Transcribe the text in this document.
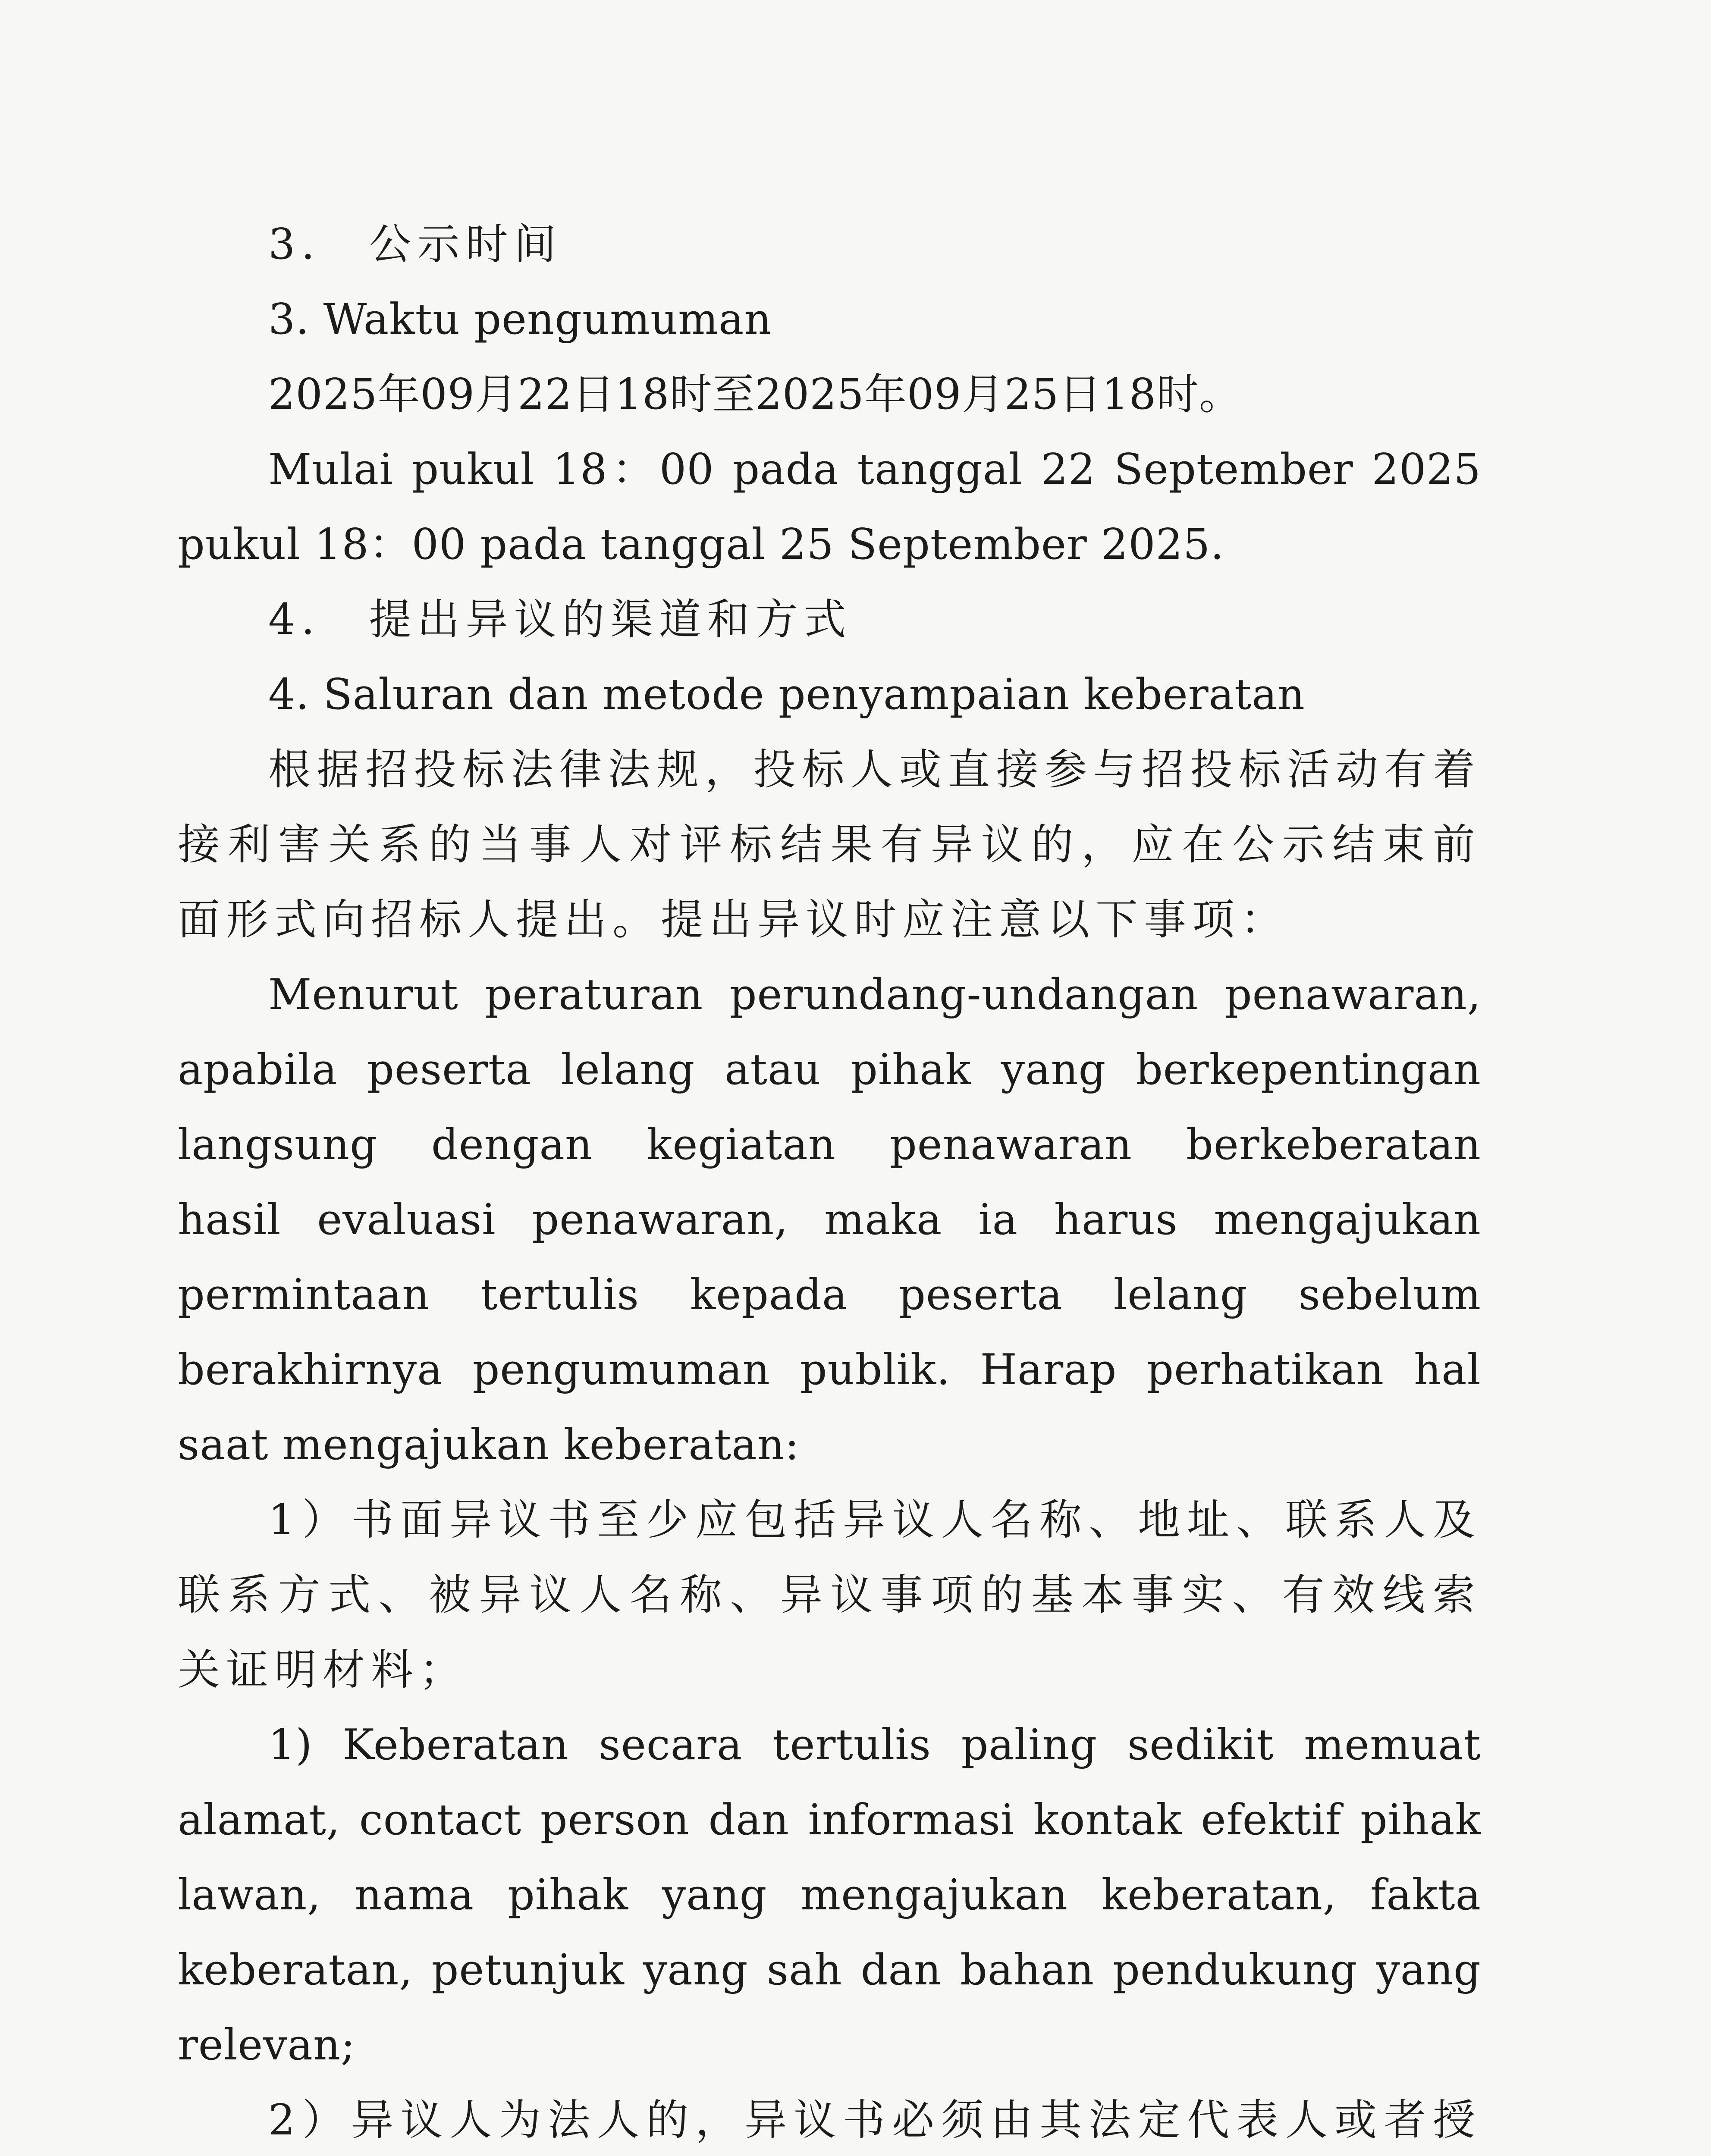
3.　公示时间
3. Waktu pengumuman
2025年09月22日18时至2025年09月25日18时。
Mulai pukul 18：00 pada tanggal 22 September 2025
pukul 18：00 pada tanggal 25 September 2025.
4.　提出异议的渠道和方式
4. Saluran dan metode penyampaian keberatan
根据招投标法律法规，投标人或直接参与招投标活动有着
接利害关系的当事人对评标结果有异议的，应在公示结束前
面形式向招标人提出。提出异议时应注意以下事项：
Menurut peraturan perundang-undangan penawaran,
apabila peserta lelang atau pihak yang berkepentingan
langsung dengan kegiatan penawaran berkeberatan
hasil evaluasi penawaran, maka ia harus mengajukan
permintaan tertulis kepada peserta lelang sebelum
berakhirnya pengumuman publik. Harap perhatikan hal
saat mengajukan keberatan:
1）书面异议书至少应包括异议人名称、地址、联系人及
联系方式、被异议人名称、异议事项的基本事实、有效线索
关证明材料；
1) Keberatan secara tertulis paling sedikit memuat
alamat, contact person dan informasi kontak efektif pihak
lawan, nama pihak yang mengajukan keberatan, fakta
keberatan, petunjuk yang sah dan bahan pendukung yang
relevan;
2）异议人为法人的，异议书必须由其法定代表人或者授
